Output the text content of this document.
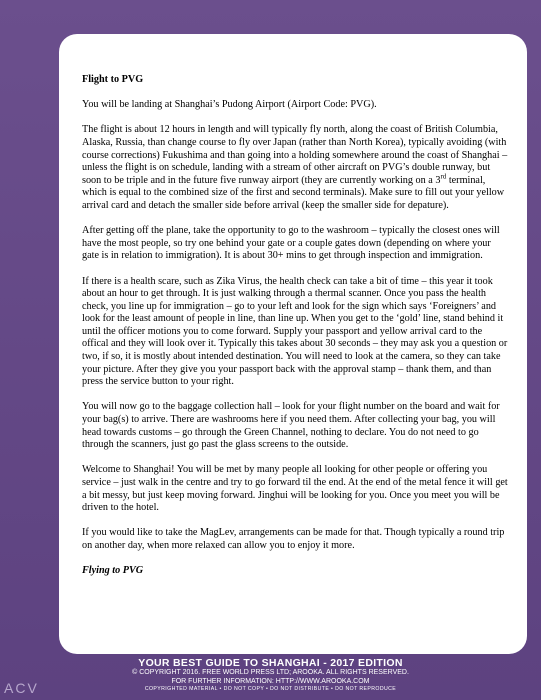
Flight to PVG

You will be landing at Shanghai’s Pudong Airport (Airport Code: PVG).

The flight is about 12 hours in length and will typically fly north, along the coast of British Columbia, Alaska, Russia, than change course to fly over Japan (rather than North Korea), typically avoiding (with course corrections) Fukushima and than going into a holding somewhere around the coast of Shanghai – unless the flight is on schedule, landing with a stream of other aircraft on PVG’s double runway, but soon to be triple and in the future five runway airport (they are currently working on a 3rd terminal, which is equal to the combined size of the first and second terminals). Make sure to fill out your yellow arrival card and detach the smaller side before arrival (keep the smaller side for depature).

After getting off the plane, take the opportunity to go to the washroom – typically the closest ones will have the most people, so try one behind your gate or a couple gates down (depending on where your gate is in relation to immigration). It is about 30+ mins to get through inspection and immigration.

If there is a health scare, such as Zika Virus, the health check can take a bit of time – this year it took about an hour to get through. It is just walking through a thermal scanner. Once you pass the health check, you line up for immigration – go to your left and look for the sign which says ‘Foreigners’ and look for the least amount of people in line, than line up. When you get to the ‘gold’ line, stand behind it until the officer motions you to come forward. Supply your passport and yellow arrival card to the offical and they will look over it. Typically this takes about 30 seconds – they may ask you a question or two, if so, it is mostly about intended destination. You will need to look at the camera, so they can take your picture. After they give you your passport back with the approval stamp – thank them, and than press the service button to your right.

You will now go to the baggage collection hall – look for your flight number on the board and wait for your bag(s) to arrive. There are washrooms here if you need them. After collecting your bag, you will head towards customs – go through the Green Channel, nothing to declare. You do not need to go through the scanners, just go past the glass screens to the outside.

Welcome to Shanghai! You will be met by many people all looking for other people or offering you service – just walk in the centre and try to go forward til the end. At the end of the metal fence it will get a bit messy, but just keep moving forward. Jinghui will be looking for you. Once you meet you will be driven to the hotel.

If you would like to take the MagLev, arrangements can be made for that. Though typically a round trip on another day, when more relaxed can allow you to enjoy it more.

Flying to PVG

YOUR BEST GUIDE TO SHANGHAI - 2017 EDITION
© COPYRIGHT 2016. FREE WORLD PRESS LTD; AROOKA. ALL RIGHTS RESERVED.
FOR FURTHER INFORMATION: HTTP://WWW.AROOKA.COM
COPYRIGHTED MATERIAL • DO NOT COPY • DO NOT DISTRIBUTE • DO NOT REPRODUCE
ACV
